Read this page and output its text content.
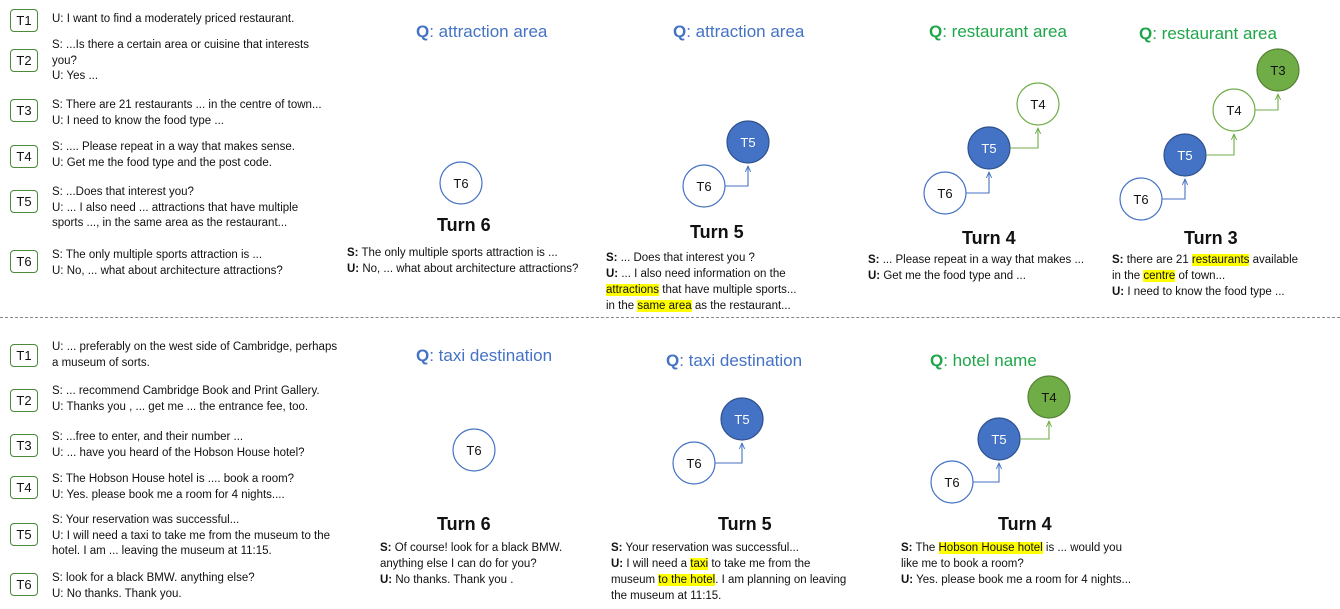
T1	U: I want to find a moderately priced restaurant.
T2
S: ...Is there a certain area or cuisine that interests
you?
U: Yes ...
T3	S: There are 21 restaurants ... in the centre of town...
U: I need to know the food type ...
T4
S: .... Please repeat in a way that makes sense.
U: Get me the food type and the post code.
T5
S: ...Does that interest you?
U: ... I also need ... attractions that have multiple
sports ..., in the same area as the restaurant...
T6	S: The only multiple sports attraction is ...
U: No, ... what about architecture attractions?
Q: attraction area
Turn 6
S: The only multiple sports attraction is ...
U: No, ... what about architecture attractions?
Q: attraction area
Turn 5
S: ... Does that interest you ?
U: ... I also need information on the
attractions that have multiple sports...
in the same area as the restaurant...
Q: restaurant area
Turn 4
S: ... Please repeat in a way that makes ...
U: Get me the food type and ...
Q: restaurant area
Turn 3
S: there are 21 restaurants available
in the centre of town...
U: I need to know the food type ...
T1
U: ... preferably on the west side of Cambridge, perhaps
a museum of sorts.
T2
S: ... recommend Cambridge Book and Print Gallery.
U: Thanks you , ... get me ... the entrance fee, too.
T3
S: ...free to enter, and their number ...
U: ... have you heard of the Hobson House hotel?
T4
S: The Hobson House hotel is .... book a room?
U: Yes. please book me a room for 4 nights....
T5
S: Your reservation was successful...
U: I will need a taxi to take me from the museum to the
hotel. I am ... leaving the museum at 11:15.
T6	S: look for a black BMW. anything else?
U: No thanks. Thank you.
Q: taxi destination
Turn 6
S: Of course! look for a black BMW.
anything else I can do for you?
U: No thanks. Thank you .
Q: taxi destination
Turn 5
S: Your reservation was successful...
U: I will need a taxi to take me from the
museum to the hotel. I am planning on leaving
the museum at 11:15.
Q: hotel name
Turn 4
S: The Hobson House hotel is ... would you
like me to book a room?
U: Yes. please book me a room for 4 nights...
T6	T6
T5
T6
T5
T4
T6
T5
T4
T3
T6
T6
T5
T6
T5
T4
